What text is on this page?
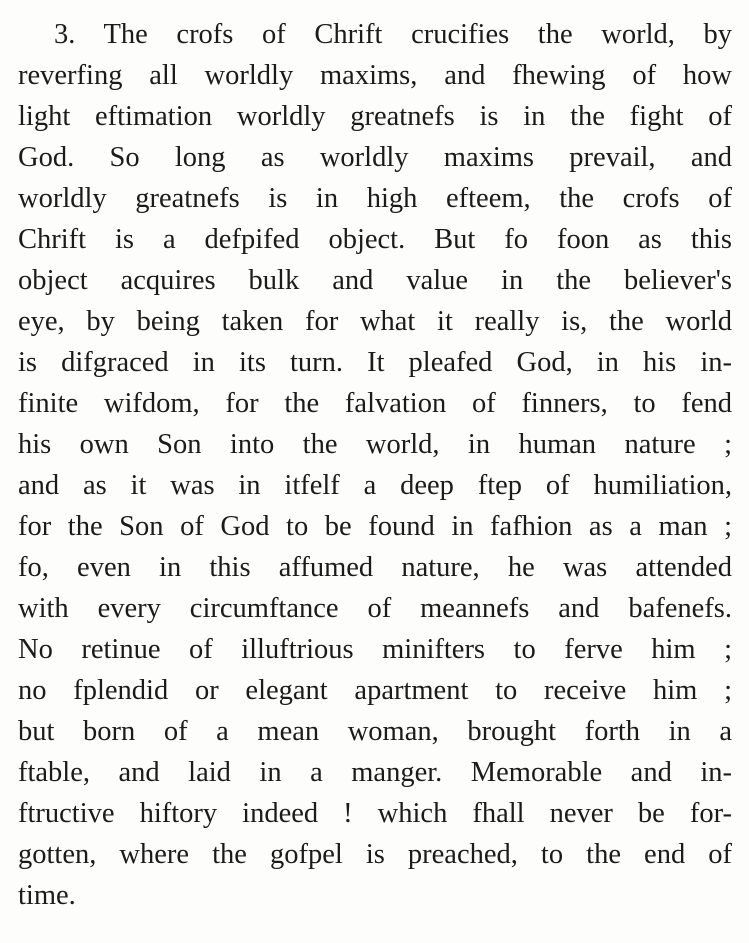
3. The crofs of Chrift crucifies the world, by
reverfing all worldly maxims, and fhewing of how
light eftimation worldly greatnefs is in the fight of
God. So long as worldly maxims prevail, and
worldly greatnefs is in high efteem, the crofs of
Chrift is a defpifed object. But fo foon as this
object acquires bulk and value in the believer's
eye, by being taken for what it really is, the world
is difgraced in its turn. It pleafed God, in his in-
finite wifdom, for the falvation of finners, to fend
his own Son into the world, in human nature ;
and as it was in itfelf a deep ftep of humiliation,
for the Son of God to be found in fafhion as a man ;
fo, even in this affumed nature, he was attended
with every circumftance of meannefs and bafenefs.
No retinue of illuftrious minifters to ferve him ;
no fplendid or elegant apartment to receive him ;
but born of a mean woman, brought forth in a
ftable, and laid in a manger. Memorable and in-
ftructive hiftory indeed ! which fhall never be for-
gotten, where the gofpel is preached, to the end of
time.
